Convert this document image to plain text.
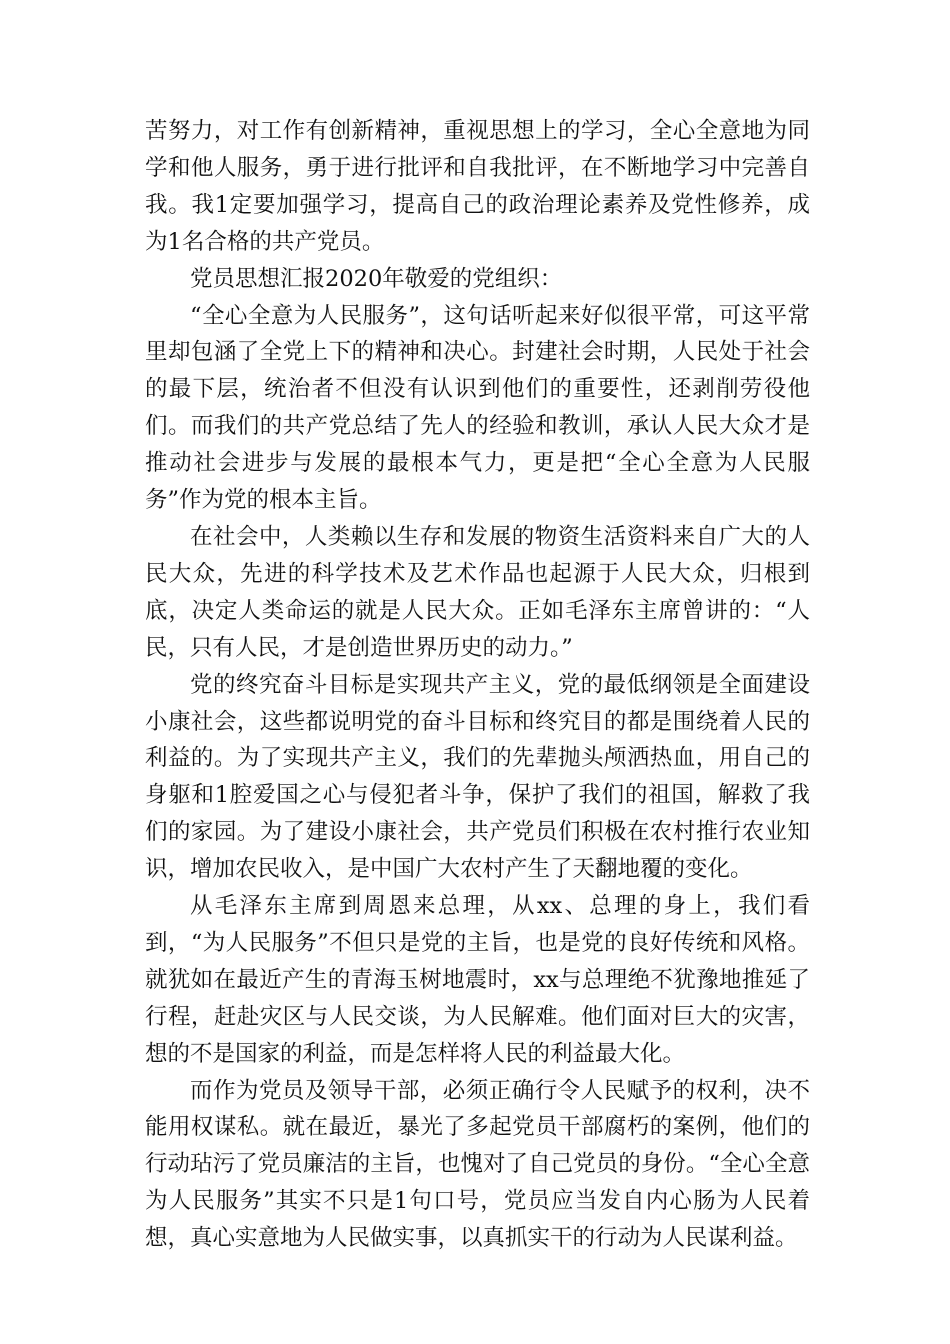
苦努力，对工作有创新精神，重视思想上的学习，全心全意地为同学和他人服务，勇于进行批评和自我批评，在不断地学习中完善自我。我1定要加强学习，提高自己的政治理论素养及党性修养，成为1名合格的共产党员。

党员思想汇报2020年敬爱的党组织：

“全心全意为人民服务”，这句话听起来好似很平常，可这平常里却包涵了全党上下的精神和决心。封建社会时期，人民处于社会的最下层，统治者不但没有认识到他们的重要性，还剥削劳役他们。而我们的共产党总结了先人的经验和教训，承认人民大众才是推动社会进步与发展的最根本气力，更是把“全心全意为人民服务”作为党的根本主旨。

在社会中，人类赖以生存和发展的物资生活资料来自广大的人民大众，先进的科学技术及艺术作品也起源于人民大众，归根到底，决定人类命运的就是人民大众。正如毛泽东主席曾讲的：“人民，只有人民，才是创造世界历史的动力。”

党的终究奋斗目标是实现共产主义，党的最低纲领是全面建设小康社会，这些都说明党的奋斗目标和终究目的都是围绕着人民的利益的。为了实现共产主义，我们的先辈抛头颅洒热血，用自己的身躯和1腔爱国之心与侵犯者斗争，保护了我们的祖国，解救了我们的家园。为了建设小康社会，共产党员们积极在农村推行农业知识，增加农民收入，是中国广大农村产生了天翻地覆的变化。

从毛泽东主席到周恩来总理，从xx、总理的身上，我们看到，“为人民服务”不但只是党的主旨，也是党的良好传统和风格。就犹如在最近产生的青海玉树地震时，xx与总理绝不犹豫地推延了行程，赶赴灾区与人民交谈，为人民解难。他们面对巨大的灾害，想的不是国家的利益，而是怎样将人民的利益最大化。

而作为党员及领导干部，必须正确行令人民赋予的权利，决不能用权谋私。就在最近，暴光了多起党员干部腐朽的案例，他们的行动玷污了党员廉洁的主旨，也愧对了自己党员的身份。“全心全意为人民服务”其实不只是1句口号，党员应当发自内心肠为人民着想，真心实意地为人民做实事，以真抓实干的行动为人民谋利益。
